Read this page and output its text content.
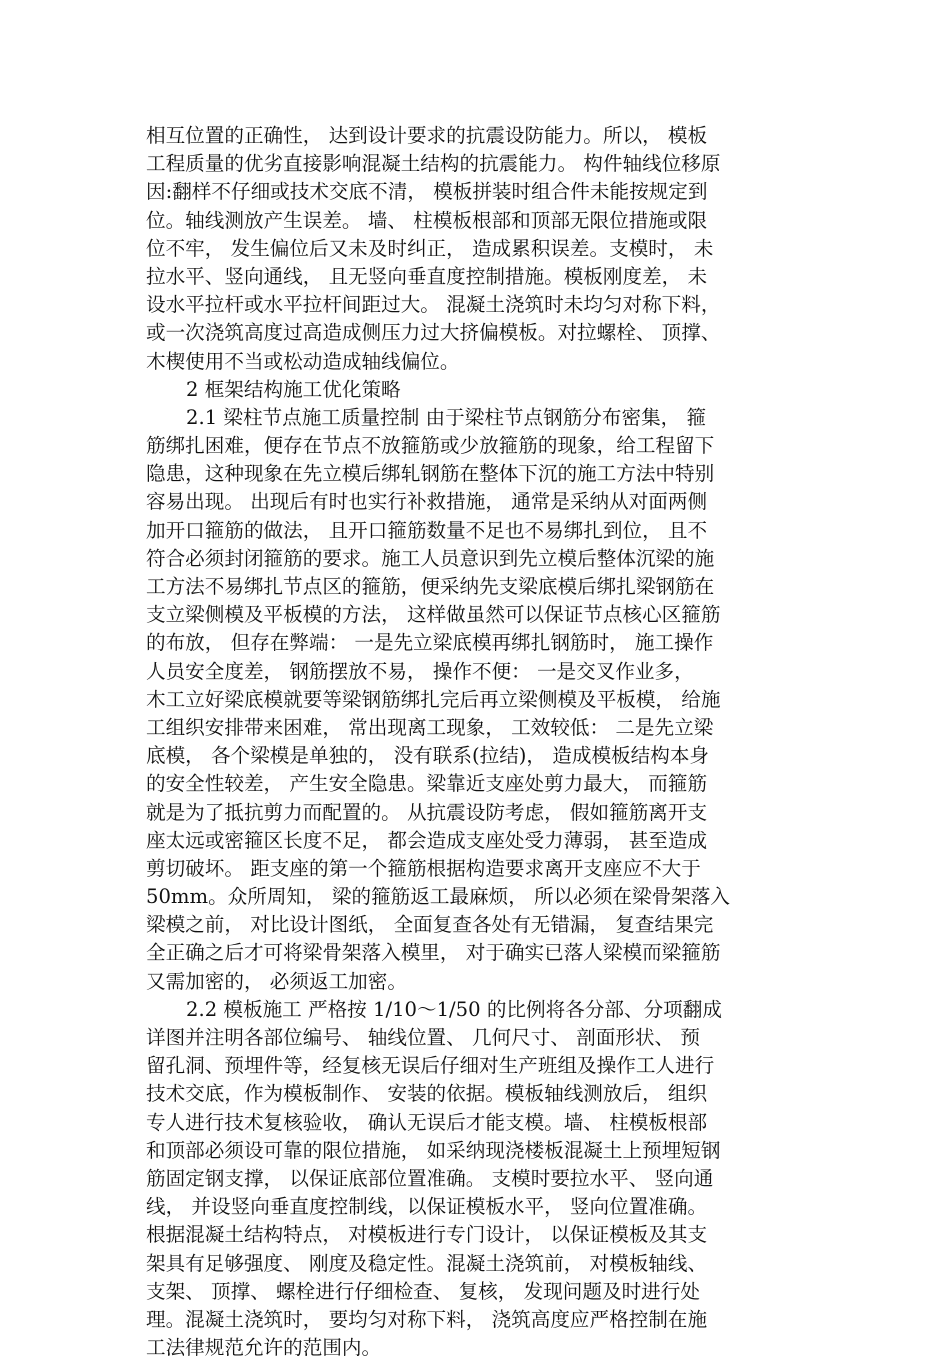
相互位置的正确性， 达到设计要求的抗震设防能力。所以， 模板
工程质量的优劣直接影响混凝土结构的抗震能力。 构件轴线位移原
因:翻样不仔细或技术交底不清， 模板拼装时组合件未能按规定到
位。轴线测放产生误差。 墙、 柱模板根部和顶部无限位措施或限
位不牢， 发生偏位后又未及时纠正， 造成累积误差。支模时， 未
拉水平、竖向通线， 且无竖向垂直度控制措施。模板刚度差， 未
设水平拉杆或水平拉杆间距过大。 混凝土浇筑时未均匀对称下料，
或一次浇筑高度过高造成侧压力过大挤偏模板。对拉螺栓、 顶撑、
木楔使用不当或松动造成轴线偏位。
2 框架结构施工优化策略
2.1 梁柱节点施工质量控制 由于梁柱节点钢筋分布密集， 箍
筋绑扎困难，便存在节点不放箍筋或少放箍筋的现象，给工程留下
隐患，这种现象在先立模后绑轧钢筋在整体下沉的施工方法中特别
容易出现。 出现后有时也实行补救措施， 通常是采纳从对面两侧
加开口箍筋的做法， 且开口箍筋数量不足也不易绑扎到位， 且不
符合必须封闭箍筋的要求。施工人员意识到先立模后整体沉梁的施
工方法不易绑扎节点区的箍筋，便采纳先支梁底模后绑扎梁钢筋在
支立梁侧模及平板模的方法， 这样做虽然可以保证节点核心区箍筋
的布放， 但存在弊端： 一是先立梁底模再绑扎钢筋时， 施工操作
人员安全度差， 钢筋摆放不易， 操作不便： 一是交叉作业多，
木工立好梁底模就要等梁钢筋绑扎完后再立梁侧模及平板模， 给施
工组织安排带来困难， 常出现离工现象， 工效较低： 二是先立梁
底模， 各个梁模是单独的， 没有联系(拉结)， 造成模板结构本身
的安全性较差， 产生安全隐患。梁靠近支座处剪力最大， 而箍筋
就是为了抵抗剪力而配置的。 从抗震设防考虑， 假如箍筋离开支
座太远或密箍区长度不足， 都会造成支座处受力薄弱， 甚至造成
剪切破坏。 距支座的第一个箍筋根据构造要求离开支座应不大于
50mm。众所周知， 梁的箍筋返工最麻烦， 所以必须在梁骨架落入
梁模之前， 对比设计图纸， 全面复查各处有无错漏， 复查结果完
全正确之后才可将梁骨架落入模里， 对于确实已落人梁模而梁箍筋
又需加密的， 必须返工加密。
2.2 模板施工 严格按 1/10～1/50 的比例将各分部、分项翻成
详图并注明各部位编号、 轴线位置、 几何尺寸、 剖面形状、 预
留孔洞、预埋件等，经复核无误后仔细对生产班组及操作工人进行
技术交底，作为模板制作、 安装的依据。模板轴线测放后， 组织
专人进行技术复核验收， 确认无误后才能支模。墙、 柱模板根部
和顶部必须设可靠的限位措施， 如采纳现浇楼板混凝土上预埋短钢
筋固定钢支撑， 以保证底部位置准确。 支模时要拉水平、 竖向通
线， 并设竖向垂直度控制线，以保证模板水平， 竖向位置准确。
根据混凝土结构特点， 对模板进行专门设计， 以保证模板及其支
架具有足够强度、 刚度及稳定性。混凝土浇筑前， 对模板轴线、
支架、 顶撑、 螺栓进行仔细检查、 复核， 发现问题及时进行处
理。混凝土浇筑时， 要均匀对称下料， 浇筑高度应严格控制在施
工法律规范允许的范围内。
